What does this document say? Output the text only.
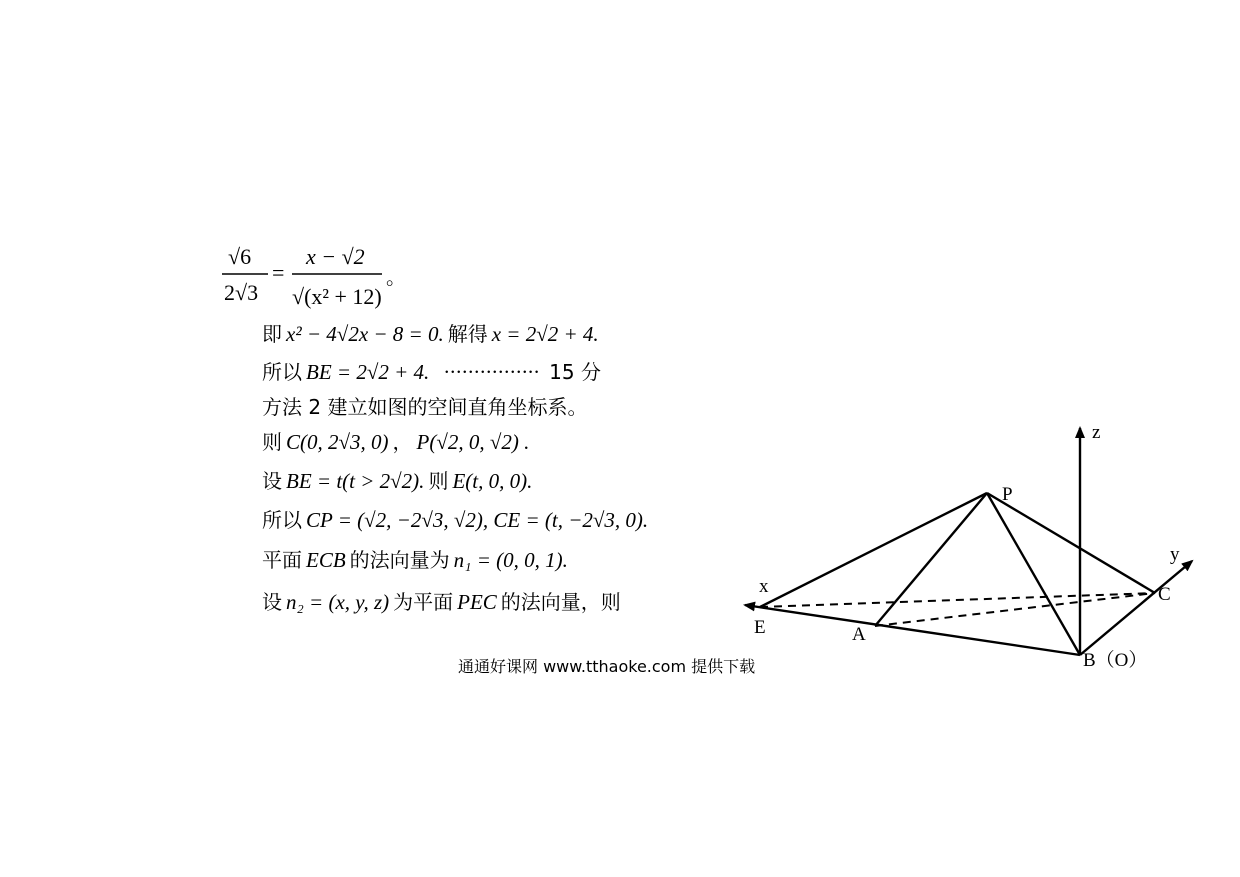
√6
2√3
=
x − √2
√(x² + 12)
。
即 x² − 4√2x − 8 = 0. 解得 x = 2√2 + 4.
所以 BE = 2√2 + 4. ················ 15 分
方法 2 建立如图的空间直角坐标系。
则 C(0, 2√3, 0) ， P(√2, 0, √2) .
设 BE = t(t > 2√2). 则 E(t, 0, 0).
所以 CP = (√2, −2√3, √2), CE = (t, −2√3, 0).
平面 ECB 的法向量为 n₁ = (0, 0, 1).
设 n₂ = (x, y, z) 为平面 PEC 的法向量，则
通通好课网 www.tthaoke.com 提供下载
z
y
x
P
C
E	A
B（O）
